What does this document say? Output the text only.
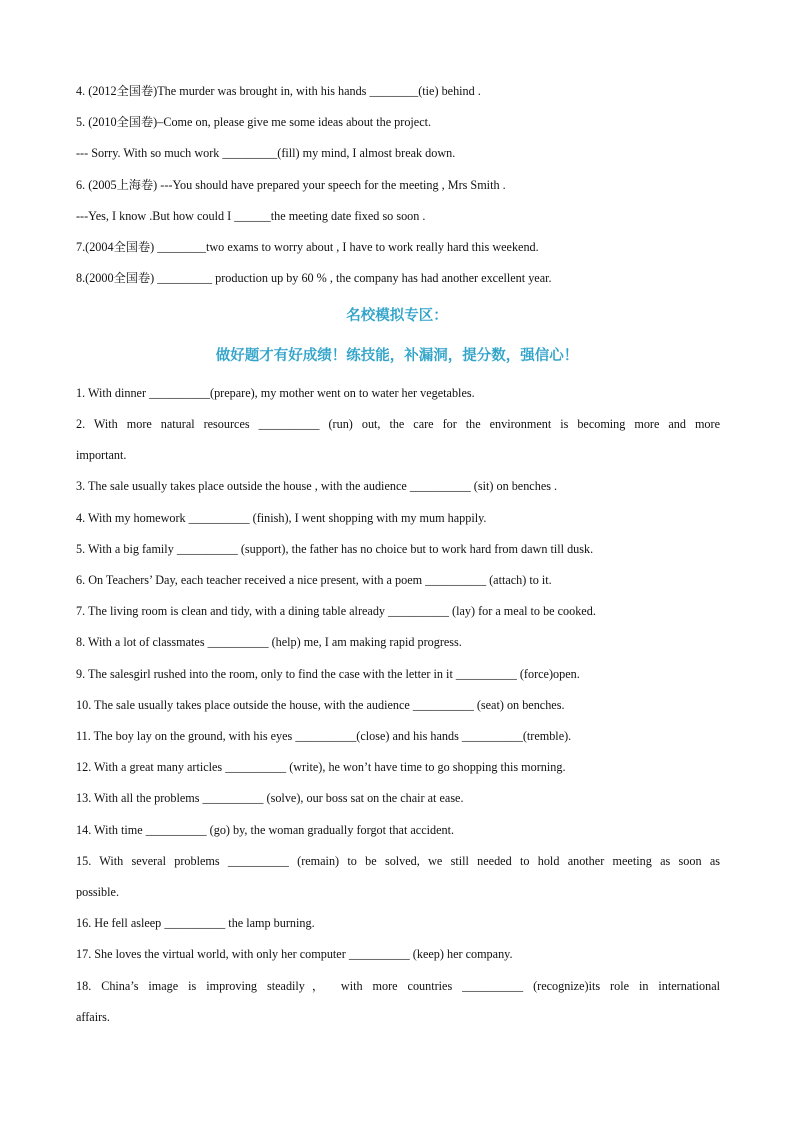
4. (2012全国卷)The murder was brought in, with his hands ________(tie) behind .
5. (2010全国卷)–Come on, please give me some ideas about the project.
--- Sorry. With so much work _________(fill) my mind, I almost break down.
6. (2005上海卷) ---You should have prepared your speech for the meeting , Mrs Smith .
---Yes, I know .But how could I ______the meeting date fixed so soon .
7.(2004全国卷) ________two exams to worry about , I have to work really hard this weekend.
8.(2000全国卷) _________ production up by 60 % , the company has had another excellent year.
名校模拟专区：
做好题才有好成绩！练技能，补漏洞，提分数，强信心！
1. With dinner __________(prepare), my mother went on to water her vegetables.
2. With more natural resources __________ (run) out, the care for the environment is becoming more and more
important.
3. The sale usually takes place outside the house , with the audience __________ (sit) on benches .
4. With my homework __________ (finish), I went shopping with my mum happily.
5. With a big family __________ (support), the father has no choice but to work hard from dawn till dusk.
6. On Teachers’ Day, each teacher received a nice present, with a poem __________ (attach) to it.
7. The living room is clean and tidy, with a dining table already __________ (lay) for a meal to be cooked.
8. With a lot of classmates __________ (help) me, I am making rapid progress.
9. The salesgirl rushed into the room, only to find the case with the letter in it __________ (force)open.
10. The sale usually takes place outside the house, with the audience __________ (seat) on benches.
11. The boy lay on the ground, with his eyes __________(close) and his hands __________(tremble).
12. With a great many articles __________ (write), he won’t have time to go shopping this morning.
13. With all the problems __________ (solve), our boss sat on the chair at ease.
14. With time __________ (go) by, the woman gradually forgot that accident.
15. With several problems __________ (remain) to be solved, we still needed to hold another meeting as soon as
possible.
16. He fell asleep __________ the lamp burning.
17. She loves the virtual world, with only her computer __________ (keep) her company.
18. China’s image is improving steadily， with more countries __________ (recognize)its role in international
affairs.
